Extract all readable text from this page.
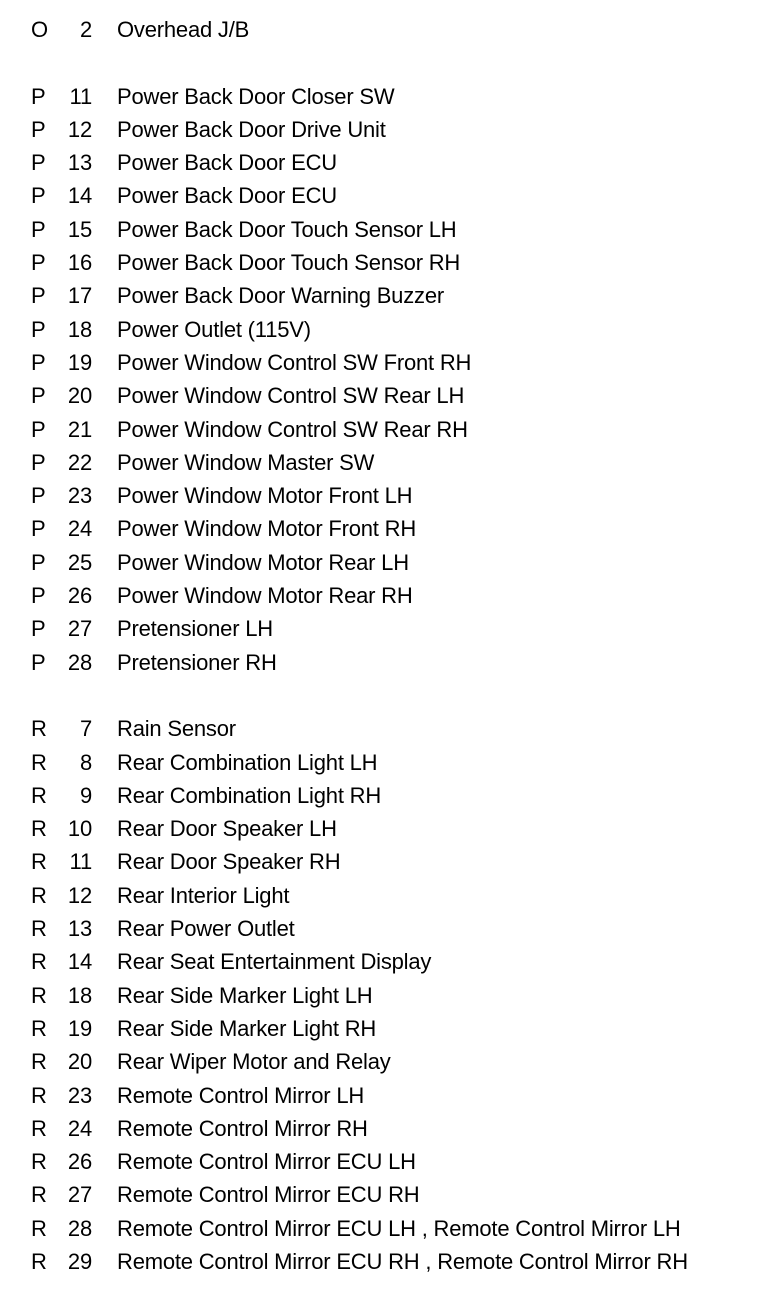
O	2 Overhead J/B
P	11 Power Back Door Closer SW
P	12 Power Back Door Drive Unit
P	13 Power Back Door ECU
P	14 Power Back Door ECU
P	15 Power Back Door Touch Sensor LH
P	16 Power Back Door Touch Sensor RH
P	17 Power Back Door Warning Buzzer
P	18 Power Outlet (115V)
P	19 Power Window Control SW Front RH
P	20 Power Window Control SW Rear LH
P	21 Power Window Control SW Rear RH
P	22 Power Window Master SW
P	23 Power Window Motor Front LH
P	24 Power Window Motor Front RH
P	25 Power Window Motor Rear LH
P	26 Power Window Motor Rear RH
P	27 Pretensioner LH
P	28 Pretensioner RH
R	7 Rain Sensor
R	8 Rear Combination Light LH
R	9 Rear Combination Light RH
R 10 Rear Door Speaker LH
R	11 Rear Door Speaker RH
R 12 Rear Interior Light
R 13 Rear Power Outlet
R 14 Rear Seat Entertainment Display
R 18 Rear Side Marker Light LH
R 19 Rear Side Marker Light RH
R 20 Rear Wiper Motor and Relay
R 23 Remote Control Mirror LH
R 24 Remote Control Mirror RH
R 26 Remote Control Mirror ECU LH
R 27 Remote Control Mirror ECU RH
R 28 Remote Control Mirror ECU LH , Remote Control Mirror LH
R 29 Remote Control Mirror ECU RH , Remote Control Mirror RH
